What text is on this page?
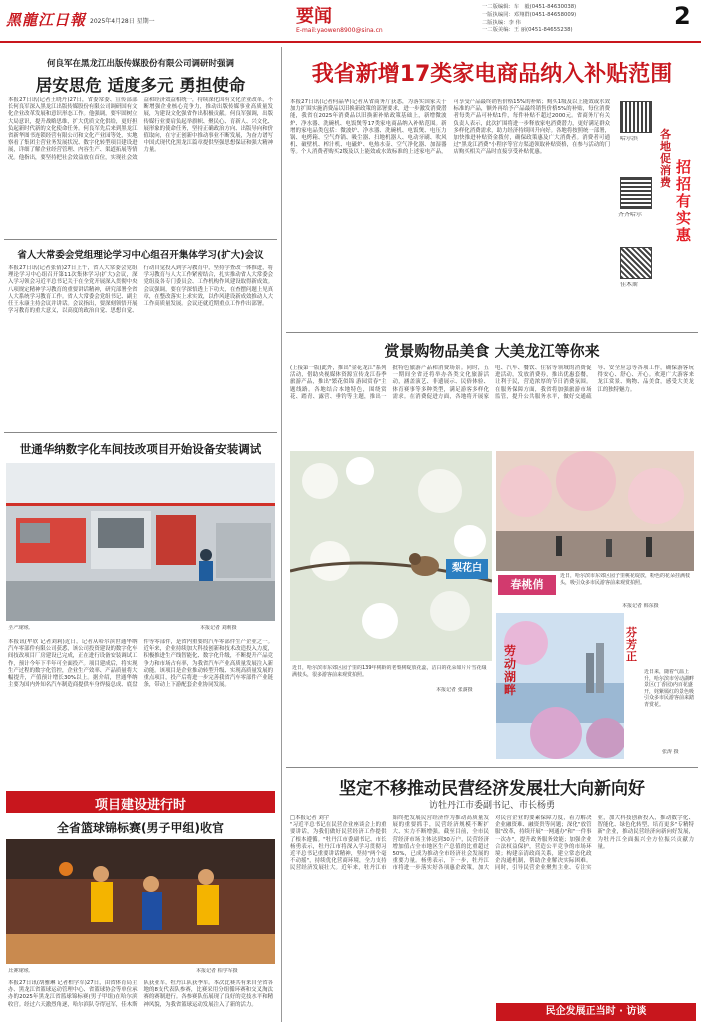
黑龍江日報 2025年4月28日 星期一	要闻
E-mail:yaowen8900@sina.cn
一二版编辑：车　毅(0451-84630038)
一版执编同：邓翔群(0451-84658009)
二版执编：李 伟
一二版美编：王 丽(0451-84655238)
2
何良军在黑龙江出版传媒股份有限公司调研时强调
居安思危 适度多元 勇担使命
本报27日讯(记者王晓丹)27日，省委常委、宣传部部长何良军深入黑龙江出版传媒股份有限公司调研国有文化企业改革发展和意识形态工作。他强调，要牢固树立大局意识，提升战略思维，扩大优质文化供给，更好担负起新时代新的文化使命任务。何良军先后来到黑龙江省新华图书连锁经营有限公司和文化产业园等处，实地察看了集团主营业务发展状况、数字化转型项目建设进展，详细了解企业经营管理、内容生产、渠道拓展等情况。他指出，要坚持把社会效益放在首位，实现社会效益和经济效益相统一，持续深化国有文化企业改革，不断增强企业核心竞争力，推动出版传媒事业高质量发展，为建设文化强省作出积极贡献。何良军强调，出版传媒行业要肩负起举旗帜、聚民心、育新人、兴文化、展形象的使命任务，坚持正确政治方向、出版导向和价值取向，在守正创新中推动事业不断发展，为奋力谱写中国式现代化黑龙江篇章提供坚强思想保证和强大精神力量。
省人大常委会党组理论学习中心组召开集体学习(扩大)会议
本报27日讯(记者张倩)27日上午，省人大常委会党组理论学习中心组召开第11次集体学习(扩大)会议，深入学习领会习近平总书记关于在全党开展深入贯彻中央八项规定精神学习教育的重要讲话精神，研究部署全省人大系统学习教育工作。省人大常委会党组书记、副主任王永康主持会议并讲话。会议指出，要深刻领悟开展学习教育的重大意义，以高度的政治自觉、思想自觉、行动自觉投入到学习教育中，坚持学查改一体推进，将学习教育与人大工作紧密结合，扎实推动省人大常委会党组及各专门委员会、工作机构作风建设取得新成效。会议强调，要在学深悟透上下功夫，在查摆问题上见真章，在整改落实上求实效，以作风建设新成效推动人大工作高质量发展。会议还就近期重点工作作出部署。
世通华纳数字化车间技改项目开始设备安装调试
生产现场。	本报记者 刘莉摄
本报讯(牟欣 记者刘莉)近日，记者从哈尔滨世通华纳汽车零部件有限公司获悉，该公司投资建设的数字化车间技改项目厂房建设已完成，正在进行设备安装调试工作，预计今年下半年可全面投产。项目建成后，将实现生产过程的数字化管控，企业生产效率、产品质量将大幅提升，产值预计增长30%以上。据介绍，世通华纳主要为国内外知名汽车制造商提供车身焊接总成、底盘件等零部件，是省内重要的汽车零部件生产企业之一。近年来，企业持续加大科技创新和技术改造投入力度，积极推进生产线智能化、数字化升级，不断提升产品竞争力和市场占有率，为我省汽车产业高质量发展注入新动能。该项目是企业推动转型升级、实现高质量发展的重点项目，投产后将进一步完善我省汽车零部件产业链条，带动上下游配套企业协同发展。
项目建设进行时
全省篮球锦标赛(男子甲组)收官
比赛现场。	本报记者 柏学军摄
本报27日讯(胡雅琳 记者柏学军)27日，由省体育局主办、黑龙江省篮球运动管理中心、省篮球协会等单位承办的2025年黑龙江省篮球锦标赛(男子甲组)在哈尔滨收官。经过六天激烈角逐，哈尔滨队夺得冠军，佳木斯队获亚军，牡丹江队获季军。本次比赛共有来自全省各地的8支代表队参赛，比赛采用分组循环赛和交叉淘汰赛的赛制进行。各参赛队伍展现了良好的竞技水平和精神风貌，为我省篮球运动发展注入了新的活力。
我省新增17类家电商品纳入补贴范围
本报27日讯(记者何晶华)记者从省商务厅获悉，为落实国家关于加力扩围实施消费品以旧换新政策的部署要求，进一步激发消费潜能，我省在2025年消费品以旧换新补贴政策基础上，新增微波炉、净水器、洗碗机、电饭煲等17类家电商品纳入补贴范围。新增的家电品类包括：微波炉、净水器、洗碗机、电饭煲、电压力锅、电烤箱、空气炸锅、吸尘器、扫地机器人、电动牙刷、吹风机、破壁机、榨汁机、电磁炉、电热水壶、空气净化器、加湿器等。个人消费者购买2级及以上能效或水效标准的上述家电产品，可享受产品最终销售价格15%的补贴；购买1级及以上能效或水效标准的产品，额外再给予产品最终销售价格5%的补贴，每位消费者每类产品可补贴1件，每件补贴不超过2000元。省商务厅有关负责人表示，此次扩围将进一步释放家电消费潜力，更好满足群众多样化消费需求，助力经济持续回升向好。各地将按照统一部署，加快推进补贴资金拨付，确保政策惠及广大消费者。消费者可通过"黑龙江消费"小程序等官方渠道领取补贴资格，在参与活动的门店购买相关产品时直接享受补贴优惠。
哈尔滨
齐齐哈尔
佳木斯
各地促消费
招招有实惠
赏景购物品美食 大美龙江等你来
(上接第一版)此外，推出"金花龙江"系列活动，借助央视媒体资源宣传龙江春季旅游产品，推出"繁花似锦 游园赏春"主题线路。各地结合本地特色，围绕赏花、踏青、露营、垂钓等主题，推出一批特色旅游产品和消费场景。同时，五一期间全省还将举办各类文化旅游活动，涵盖演艺、非遗展示、民俗体验、体育赛事等多种类型，满足游客多样化需求。在消费促进方面，各地将开展家电、汽车、餐饮、住宿等领域的消费促进活动，发放消费券，推出优惠套餐，让利于民，营造浓厚的节日消费氛围。在服务保障方面，我省将加强旅游市场监管，提升公共服务水平，做好交通疏导、安全应急等各项工作，确保游客玩得安心、舒心、开心。欢迎广大游客来龙江赏景、购物、品美食，感受大美龙江的独特魅力。
梨花白
近日，哈尔滨市东郊区园子里的139年树龄的老梨树绽放花蕊，洁白的花朵如片片雪花缀满枝头，很多游客前来观赏拍照。
本报记者 张澍摄
春桃俏
近日，哈尔滨市东郊区园子里桃花绽放，粉色的花朵挂满枝头，吸引众多市民游客前来观赏拍照。
本报记者 韩东摄
劳动湖畔
芬芳正
近日来，随着气温上升，哈尔滨市劳动湖畔景区(丁香园)内百花盛开，姹紫嫣红的景色吸引众多市民游客前来踏青赏花。
张涛 摄
坚定不移推动民营经济发展壮大向新向好
访牡丹江市委副书记、市长杨勇
□本报记者 刘宇
"习近平总书记在民营企业座谈会上的重要讲话，为我们做好民营经济工作提供了根本遵循。"牡丹江市委副书记、市长杨勇表示，牡丹江市将深入学习贯彻习近平总书记重要讲话精神，坚持"两个毫不动摇"，持续优化营商环境，全力支持民营经济发展壮大。近年来，牡丹江市始终把发展民营经济作为推动高质量发展的重要抓手，民营经济规模不断扩大、实力不断增强。截至目前，全市民营经济市场主体达到30万户，民营经济增加值占全市地区生产总值的比重超过50%，已成为推动全市经济社会发展的重要力量。杨勇表示，下一步，牡丹江市将进一步落实好各项惠企政策，加大对民营企业的要素保障力度，着力解决企业融资难、融资贵等问题；深化"放管服"改革，持续开展"一网通办"和"一件事一次办"，提升政务服务效能；加强企业合法权益保护，营造公平竞争的市场环境；构建亲清政商关系，建立常态化政企沟通机制，帮助企业解决实际困难。同时，引导民营企业聚焦主业、专注实业，加大科技创新投入，推动数字化、智能化、绿色化转型，培育更多"专精特新"企业，推动民营经济向新向好发展，为牡丹江全面振兴全方位振兴贡献力量。
民企发展正当时 · 访谈
